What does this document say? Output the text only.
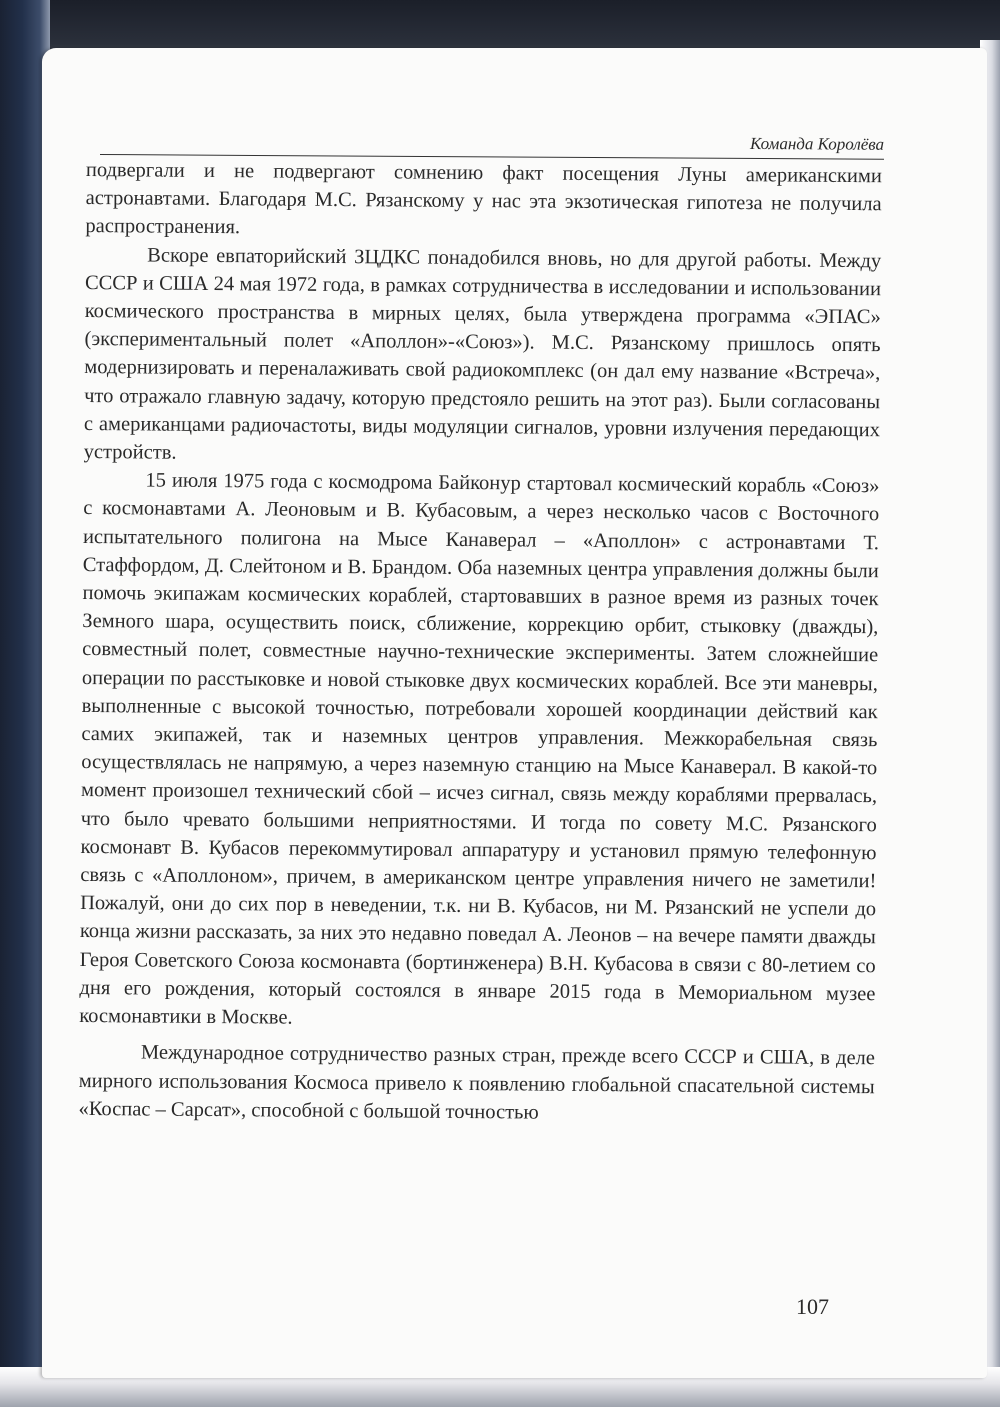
Команда Королёва

подвергали и не подвергают сомнению факт посещения Луны американскими астронавтами. Благодаря М.С. Рязанскому у нас эта экзотическая гипотеза не получила распространения.

Вскоре евпаторийский ЗЦДКС понадобился вновь, но для другой работы. Между СССР и США 24 мая 1972 года, в рамках сотрудничества в исследовании и использовании космического пространства в мирных целях, была утверждена программа «ЭПАС» (экспериментальный полет «Аполлон»-«Союз»). М.С. Рязанскому пришлось опять модернизировать и переналаживать свой радиокомплекс (он дал ему название «Встреча», что отражало главную задачу, которую предстояло решить на этот раз). Были согласованы с американцами радиочастоты, виды модуляции сигналов, уровни излучения передающих устройств.

15 июля 1975 года с космодрома Байконур стартовал космический корабль «Союз» с космонавтами А. Леоновым и В. Кубасовым, а через несколько часов с Восточного испытательного полигона на Мысе Канаверал – «Аполлон» с астронавтами Т. Стаффордом, Д. Слейтоном и В. Брандом. Оба наземных центра управления должны были помочь экипажам космических кораблей, стартовавших в разное время из разных точек Земного шара, осуществить поиск, сближение, коррекцию орбит, стыковку (дважды), совместный полет, совместные научно-технические эксперименты. Затем сложнейшие операции по расстыковке и новой стыковке двух космических кораблей. Все эти маневры, выполненные с высокой точностью, потребовали хорошей координации действий как самих экипажей, так и наземных центров управления. Межкорабельная связь осуществлялась не напрямую, а через наземную станцию на Мысе Канаверал. В какой-то момент произошел технический сбой – исчез сигнал, связь между кораблями прервалась, что было чревато большими неприятностями. И тогда по совету М.С. Рязанского космонавт В. Кубасов перекоммутировал аппаратуру и установил прямую телефонную связь с «Аполлоном», причем, в американском центре управления ничего не заметили! Пожалуй, они до сих пор в неведении, т.к. ни В. Кубасов, ни М. Рязанский не успели до конца жизни рассказать, за них это недавно поведал А. Леонов – на вечере памяти дважды Героя Советского Союза космонавта (бортинженера) В.Н. Кубасова в связи с 80-летием со дня его рождения, который состоялся в январе 2015 года в Мемориальном музее космонавтики в Москве.

Международное сотрудничество разных стран, прежде всего СССР и США, в деле мирного использования Космоса привело к появлению глобальной спасательной системы «Коспас – Сарсат», способной с большой точностью

107
